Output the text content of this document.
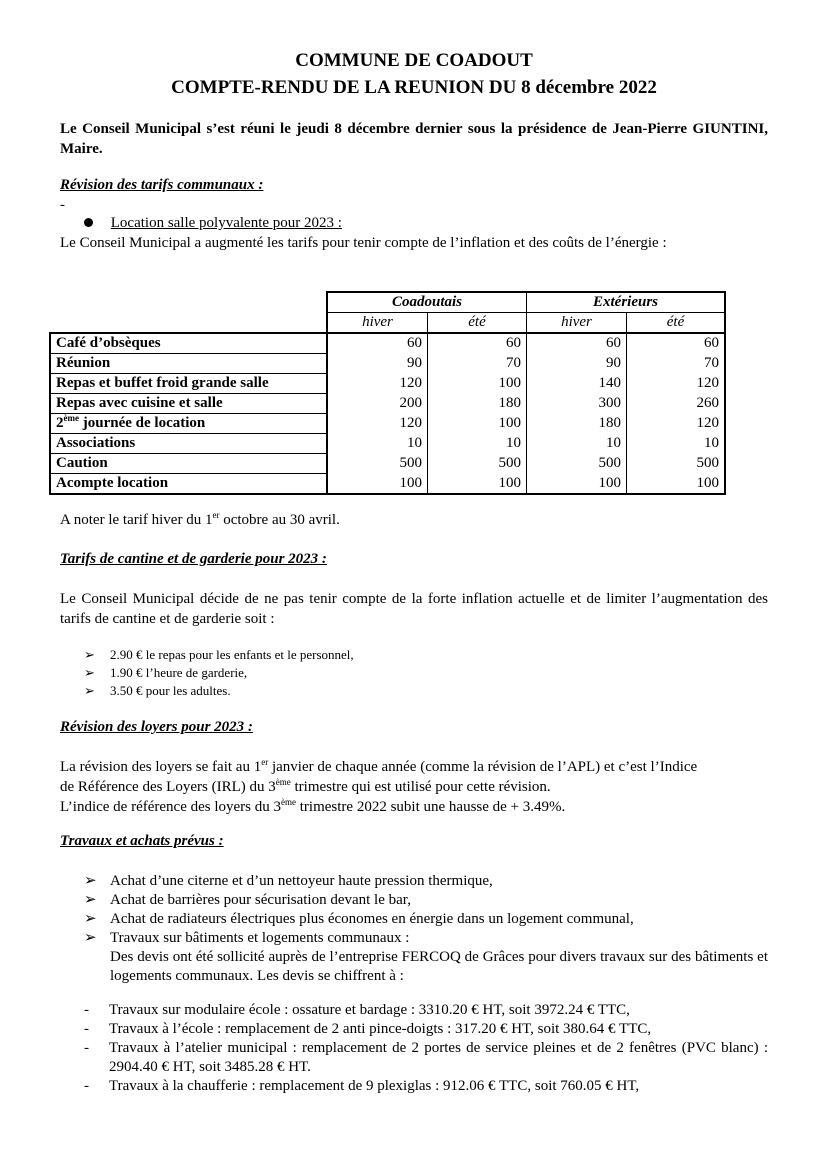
COMMUNE DE COADOUT
COMPTE-RENDU DE LA REUNION DU 8 décembre 2022
Le Conseil Municipal s’est réuni le jeudi 8 décembre dernier sous la présidence de Jean-Pierre GIUNTINI, Maire.
Révision des tarifs communaux :
-
Location salle polyvalente pour 2023 :
Le Conseil Municipal a augmenté les tarifs pour tenir compte de l’inflation et des coûts de l’énergie :
	Coadoutais		Extérieurs	
	hiver	été	hiver	été
Café d’obsèques	60	60	60	60
Réunion	90	70	90	70
Repas et buffet froid grande salle	120	100	140	120
Repas avec cuisine et salle	200	180	300	260
2ème journée de location	120	100	180	120
Associations	10	10	10	10
Caution	500	500	500	500
Acompte location	100	100	100	100
A noter le tarif hiver du 1er octobre au 30 avril.
Tarifs de cantine et de garderie pour 2023 :
Le Conseil Municipal décide de ne pas tenir compte de la forte inflation actuelle et de limiter l’augmentation des tarifs de cantine et de garderie soit :
➢ 2.90 € le repas pour les enfants et le personnel,
➢ 1.90 € l’heure de garderie,
➢ 3.50 € pour les adultes.
Révision des loyers pour 2023 :
La révision des loyers se fait au 1er janvier de chaque année (comme la révision de l’APL) et c’est l’Indice
de Référence des Loyers (IRL) du 3ème trimestre qui est utilisé pour cette révision.
L’indice de référence des loyers du 3ème trimestre 2022 subit une hausse de + 3.49%.
Travaux et achats prévus :
➢ Achat d’une citerne et d’un nettoyeur haute pression thermique,
➢ Achat de barrières pour sécurisation devant le bar,
➢ Achat de radiateurs électriques plus économes en énergie dans un logement communal,
➢ Travaux sur bâtiments et logements communaux :
Des devis ont été sollicité auprès de l’entreprise FERCOQ de Grâces pour divers travaux sur des bâtiments et logements communaux. Les devis se chiffrent à :
-	Travaux sur modulaire école : ossature et bardage : 3310.20 € HT, soit 3972.24 € TTC,
-	Travaux à l’école : remplacement de 2 anti pince-doigts : 317.20 € HT, soit 380.64 € TTC,
-	Travaux à l’atelier municipal : remplacement de 2 portes de service pleines et de 2 fenêtres (PVC blanc) : 2904.40 € HT, soit 3485.28 € HT.
-	Travaux à la chaufferie : remplacement de 9 plexiglas : 912.06 € TTC, soit 760.05 € HT,
